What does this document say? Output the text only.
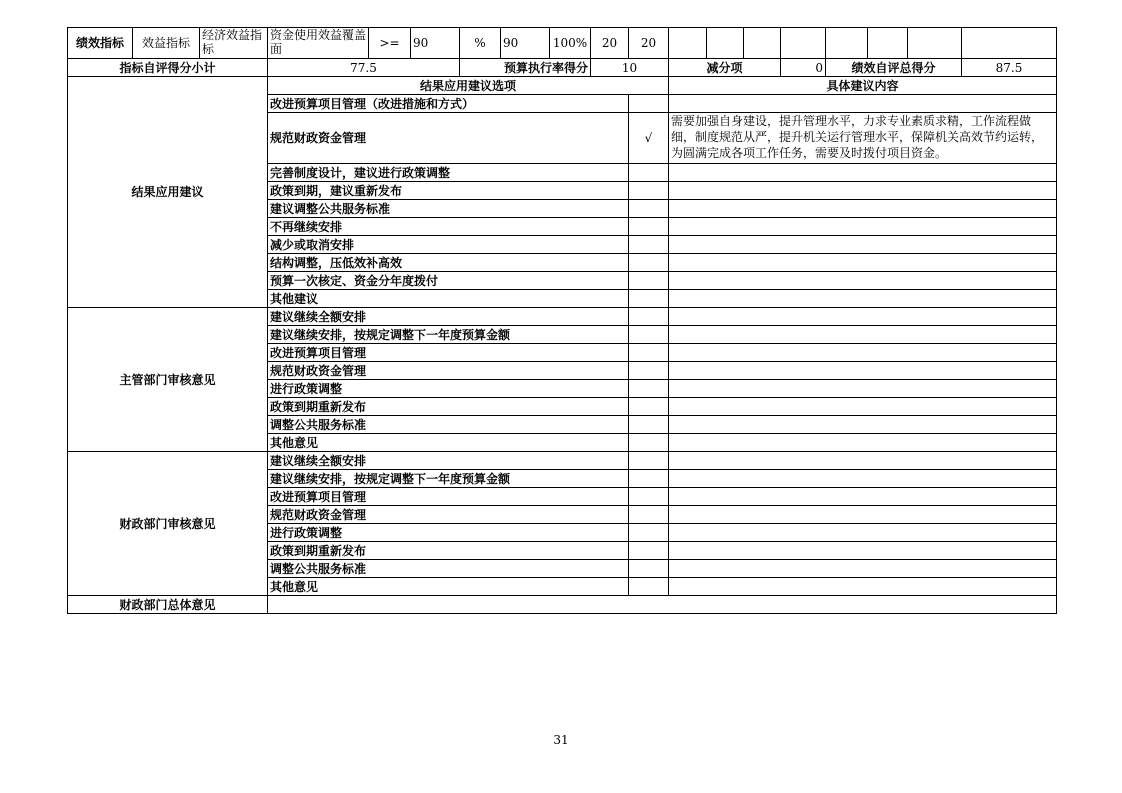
绩效指标	效益指标	经济效益指标	资金使用效益覆盖面	>=	90	%	90	100%	20	20								
指标自评得分小计			77.5			预算执行率得分			10		减分项			0	绩效自评总得分			87.5
结果应用建议			结果应用建议选项								具体建议内容							
			改进预算项目管理（改进措施和方式）															
			规范财政资金管理							√	需要加强自身建设，提升管理水平，力求专业素质求精，工作流程做细，制度规范从严，提升机关运行管理水平，保障机关高效节约运转，为圆满完成各项工作任务，需要及时拨付项目资金。							
			完善制度设计，建议进行政策调整															
			政策到期，建议重新发布															
			建议调整公共服务标准															
			不再继续安排															
			减少或取消安排															
			结构调整，压低效补高效															
			预算一次核定、资金分年度拨付															
			其他建议															
主管部门审核意见			建议继续全额安排															
			建议继续安排，按规定调整下一年度预算金额															
			改进预算项目管理															
			规范财政资金管理															
			进行政策调整															
			政策到期重新发布															
			调整公共服务标准															
			其他意见															
财政部门审核意见			建议继续全额安排															
			建议继续安排，按规定调整下一年度预算金额															
			改进预算项目管理															
			规范财政资金管理															
			进行政策调整															
			政策到期重新发布															
			调整公共服务标准															
			其他意见															
财政部门总体意见																		
31
